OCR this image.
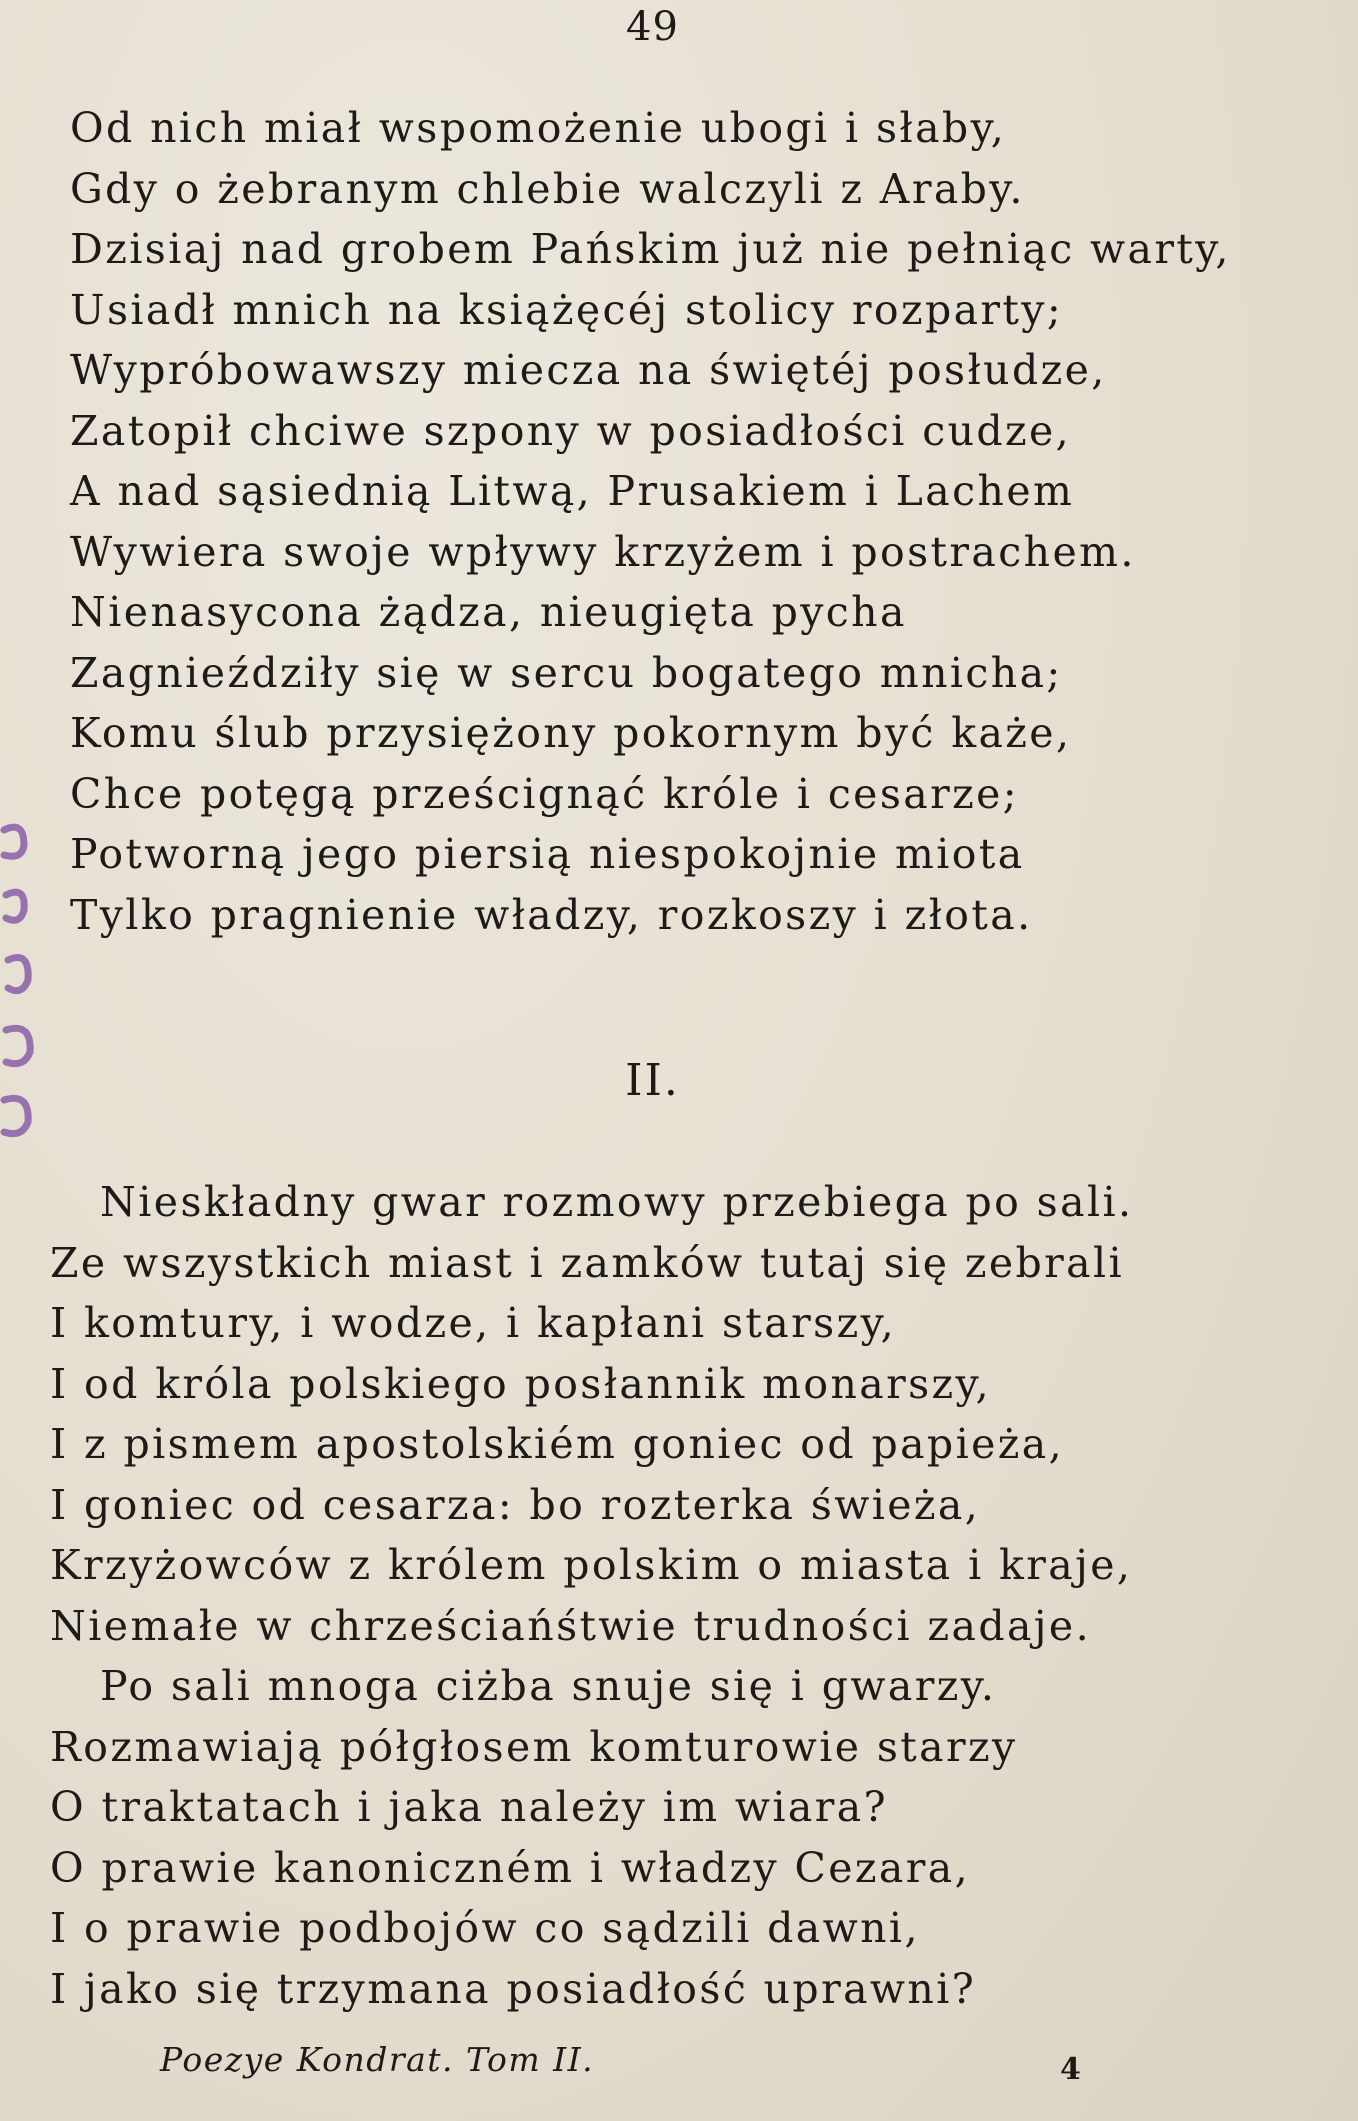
49
Od nich miał wspomożenie ubogi i słaby,
Gdy o żebranym chlebie walczyli z Araby.
Dzisiaj nad grobem Pańskim już nie pełniąc warty,
Usiadł mnich na książęcéj stolicy rozparty;
Wypróbowawszy miecza na świętéj posłudze,
Zatopił chciwe szpony w posiadłości cudze,
A nad sąsiednią Litwą, Prusakiem i Lachem
Wywiera swoje wpływy krzyżem i postrachem.
Nienasycona żądza, nieugięta pycha
Zagnieździły się w sercu bogatego mnicha;
Komu ślub przysiężony pokornym być każe,
Chce potęgą prześcignąć króle i cesarze;
Potworną jego piersią niespokojnie miota
Tylko pragnienie władzy, rozkoszy i złota.
II.
Nieskładny gwar rozmowy przebiega po sali.
Ze wszystkich miast i zamków tutaj się zebrali
I komtury, i wodze, i kapłani starszy,
I od króla polskiego posłannik monarszy,
I z pismem apostolskiém goniec od papieża,
I goniec od cesarza: bo rozterka świeża,
Krzyżowców z królem polskim o miasta i kraje,
Niemałe w chrześciańśtwie trudności zadaje.
Po sali mnoga ciżba snuje się i gwarzy.
Rozmawiają półgłosem komturowie starzy
O traktatach i jaka należy im wiara?
O prawie kanoniczném i władzy Cezara,
I o prawie podbojów co sądzili dawni,
I jako się trzymana posiadłość uprawni?
Poezye Kondrat. Tom II.	4
